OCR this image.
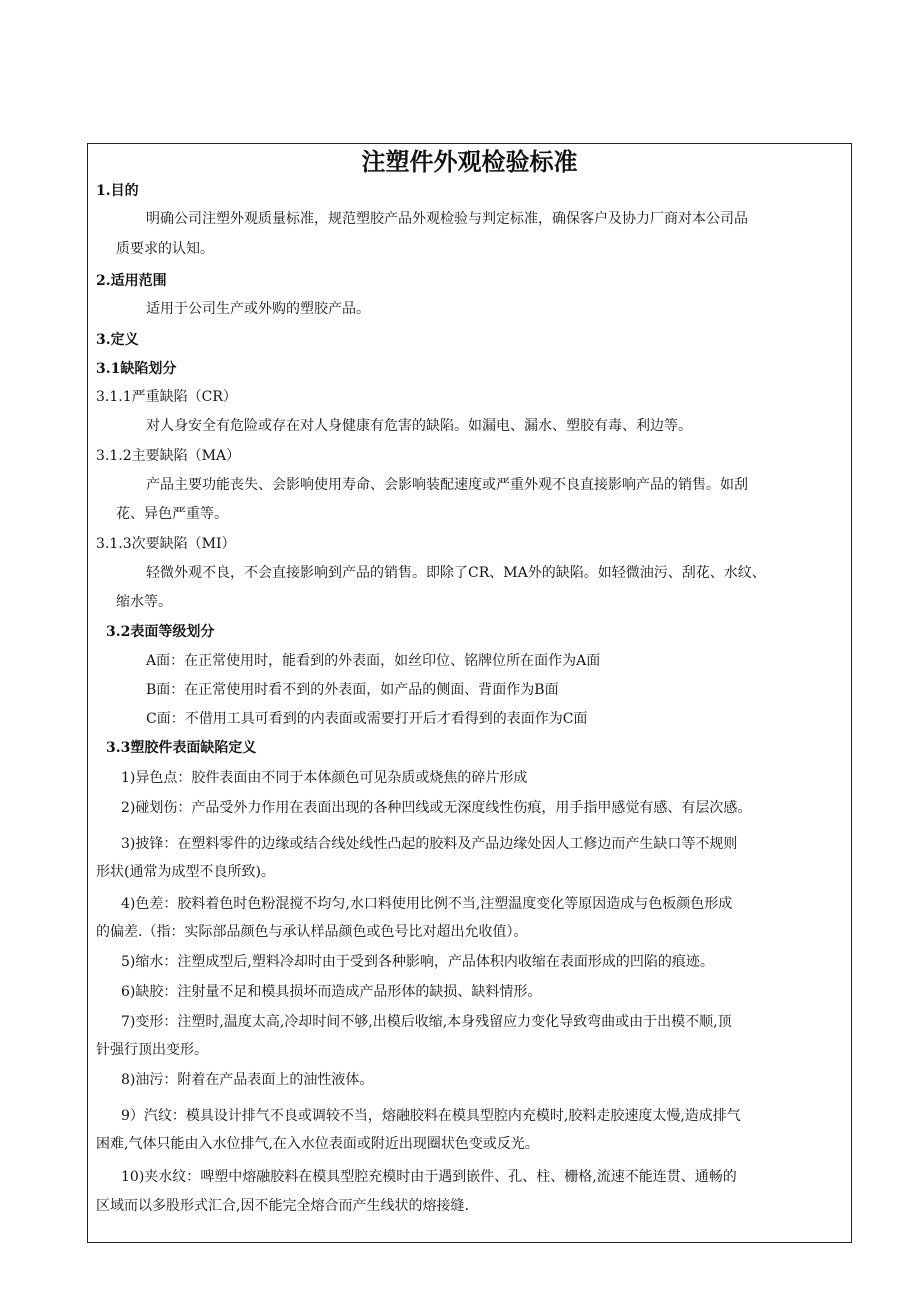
注塑件外观检验标准
1.目的
明确公司注塑外观质量标准，规范塑胶产品外观检验与判定标准，确保客户及协力厂商对本公司品
质要求的认知。
2.适用范围
适用于公司生产或外购的塑胶产品。
3.定义
3.1缺陷划分
3.1.1严重缺陷（CR）
对人身安全有危险或存在对人身健康有危害的缺陷。如漏电、漏水、塑胶有毒、利边等。
3.1.2主要缺陷（MA）
产品主要功能丧失、会影响使用寿命、会影响装配速度或严重外观不良直接影响产品的销售。如刮
花、异色严重等。
3.1.3次要缺陷（MI）
轻微外观不良，不会直接影响到产品的销售。即除了CR、MA外的缺陷。如轻微油污、刮花、水纹、
缩水等。
3.2表面等级划分
A面：在正常使用时，能看到的外表面，如丝印位、铭牌位所在面作为A面
B面：在正常使用时看不到的外表面，如产品的侧面、背面作为B面
C面：不借用工具可看到的内表面或需要打开后才看得到的表面作为C面
3.3塑胶件表面缺陷定义
1)异色点：胶件表面由不同于本体颜色可见杂质或烧焦的碎片形成
2)碰划伤：产品受外力作用在表面出现的各种凹线或无深度线性伤痕，用手指甲感觉有感、有层次感。
3)披锋：在塑料零件的边缘或结合线处线性凸起的胶料及产品边缘处因人工修边而产生缺口等不规则
形状(通常为成型不良所致)。
4)色差：胶料着色时色粉混搅不均匀,水口料使用比例不当,注塑温度变化等原因造成与色板颜色形成
的偏差.（指：实际部品颜色与承认样品颜色或色号比对超出允收值）。
5)缩水：注塑成型后,塑料冷却时由于受到各种影响，产品体积内收缩在表面形成的凹陷的痕迹。
6)缺胶：注射量不足和模具损坏而造成产品形体的缺损、缺料情形。
7)变形：注塑时,温度太高,冷却时间不够,出模后收缩,本身残留应力变化导致弯曲或由于出模不顺,顶
针强行顶出变形。
8)油污：附着在产品表面上的油性液体。
9）汽纹：模具设计排气不良或调较不当，熔融胶料在模具型腔内充模时,胶料走胶速度太慢,造成排气
困难,气体只能由入水位排气,在入水位表面或附近出现圈状色变或反光。
10)夹水纹：啤塑中熔融胶料在模具型腔充模时由于遇到嵌件、孔、柱、栅格,流速不能连贯、通畅的
区域而以多股形式汇合,因不能完全熔合而产生线状的熔接缝.
